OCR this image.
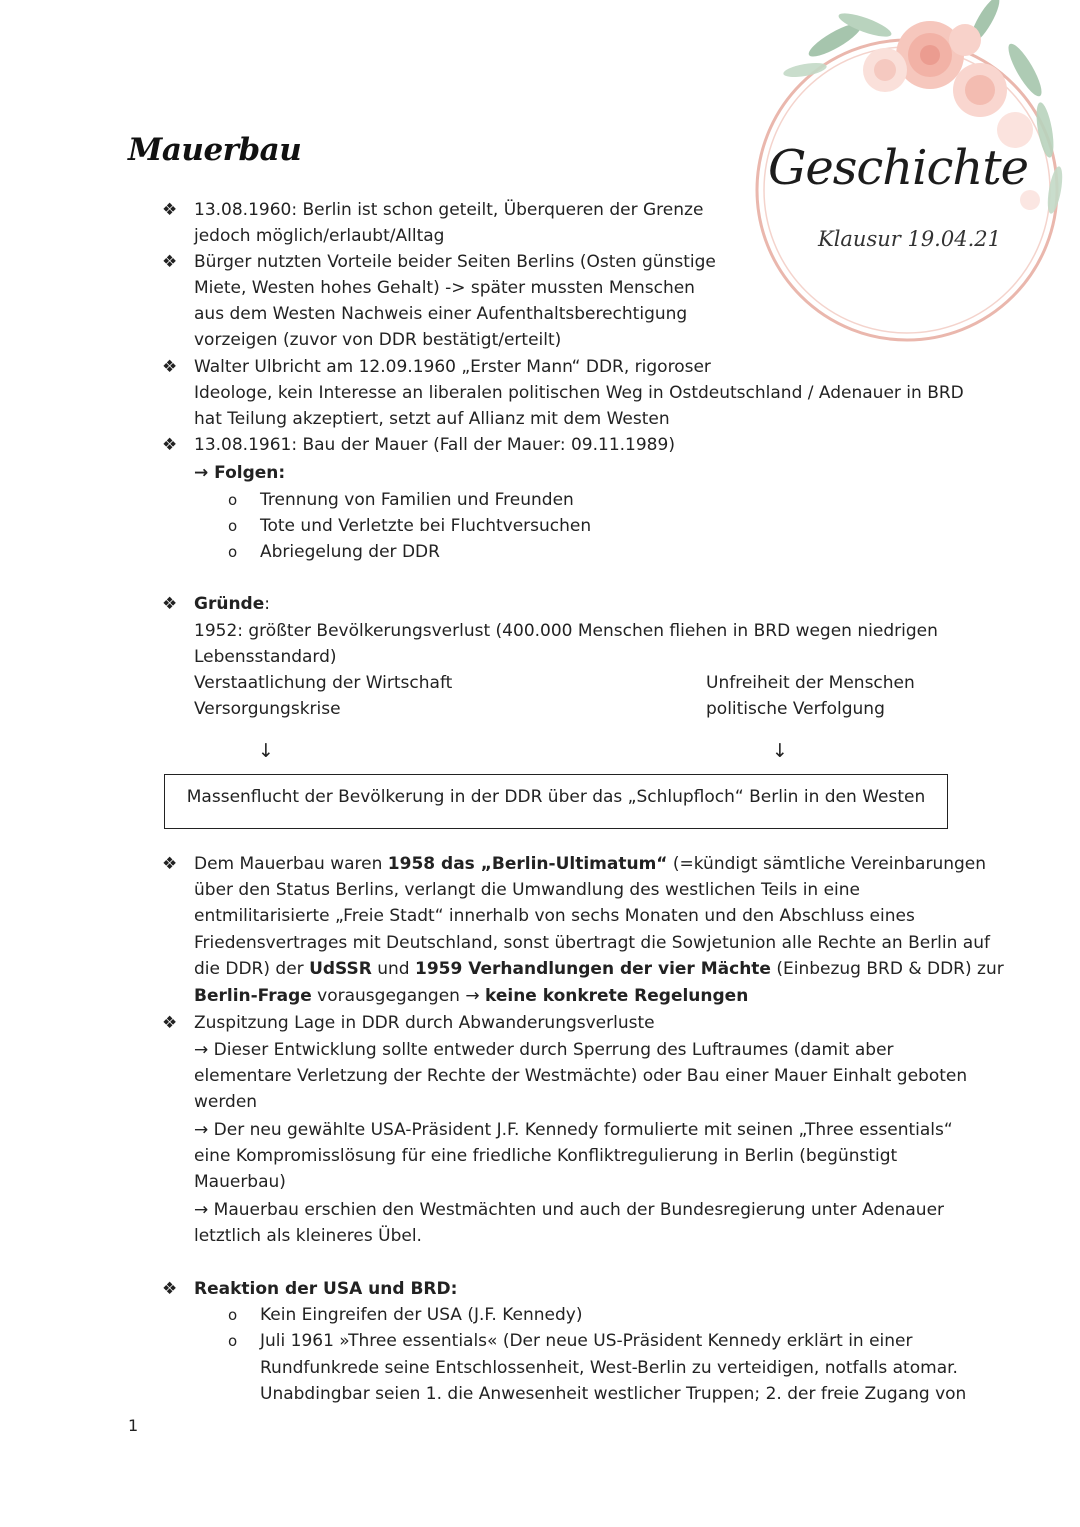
Mauerbau	Geschichte
Klausur 19.04.21
❖ 13.08.1960: Berlin ist schon geteilt, Überqueren der Grenze
jedoch möglich/erlaubt/Alltag
❖ Bürger nutzten Vorteile beider Seiten Berlins (Osten günstige
Miete, Westen hohes Gehalt) -> später mussten Menschen
aus dem Westen Nachweis einer Aufenthaltsberechtigung
vorzeigen (zuvor von DDR bestätigt/erteilt)
❖ Walter Ulbricht am 12.09.1960 „Erster Mann“ DDR, rigoroser
Ideologe, kein Interesse an liberalen politischen Weg in Ostdeutschland / Adenauer in BRD
hat Teilung akzeptiert, setzt auf Allianz mit dem Westen
❖ 13.08.1961: Bau der Mauer (Fall der Mauer: 09.11.1989)
→ Folgen:
o Trennung von Familien und Freunden
o Tote und Verletzte bei Fluchtversuchen
o Abriegelung der DDR
❖ Gründe:
1952: größter Bevölkerungsverlust (400.000 Menschen fliehen in BRD wegen niedrigen
Lebensstandard)
Verstaatlichung der Wirtschaft	Unfreiheit der Menschen
Versorgungskrise	politische Verfolgung
↓	↓
Massenflucht der Bevölkerung in der DDR über das „Schlupfloch“ Berlin in den Westen
❖ Dem Mauerbau waren 1958 das „Berlin-Ultimatum“ (=kündigt sämtliche Vereinbarungen
über den Status Berlins, verlangt die Umwandlung des westlichen Teils in eine
entmilitarisierte „Freie Stadt“ innerhalb von sechs Monaten und den Abschluss eines
Friedensvertrages mit Deutschland, sonst übertragt die Sowjetunion alle Rechte an Berlin auf
die DDR) der UdSSR und 1959 Verhandlungen der vier Mächte (Einbezug BRD & DDR) zur
Berlin-Frage vorausgegangen → keine konkrete Regelungen
❖ Zuspitzung Lage in DDR durch Abwanderungsverluste
→ Dieser Entwicklung sollte entweder durch Sperrung des Luftraumes (damit aber
elementare Verletzung der Rechte der Westmächte) oder Bau einer Mauer Einhalt geboten
werden
→ Der neu gewählte USA-Präsident J.F. Kennedy formulierte mit seinen „Three essentials“
eine Kompromisslösung für eine friedliche Konfliktregulierung in Berlin (begünstigt
Mauerbau)
→ Mauerbau erschien den Westmächten und auch der Bundesregierung unter Adenauer
letztlich als kleineres Übel.
❖ Reaktion der USA und BRD:
o Kein Eingreifen der USA (J.F. Kennedy)
o Juli 1961 »Three essentials« (Der neue US-Präsident Kennedy erklärt in einer
Rundfunkrede seine Entschlossenheit, West-Berlin zu verteidigen, notfalls atomar.
Unabdingbar seien 1. die Anwesenheit westlicher Truppen; 2. der freie Zugang von
1
